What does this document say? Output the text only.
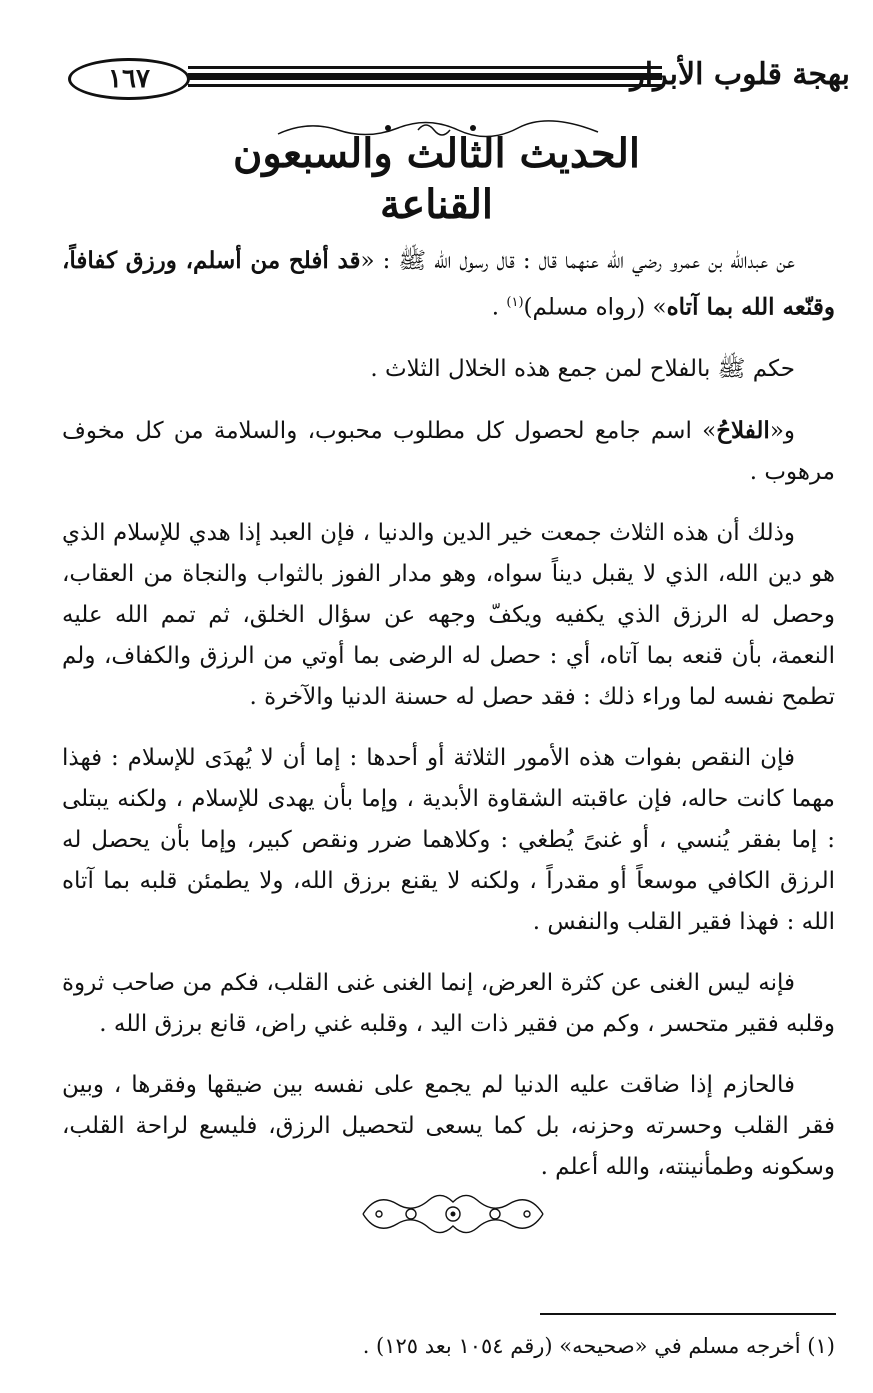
١٦٧	بهجة قلوب الأبرار
الحديث الثالث والسبعون
القناعة

عن عبدالله بن عمرو رضي الله عنهما قال : قال رسول الله ﷺ : «قد أفلح من أسلم، ورزق كفافاً، وقنّعه الله بما آتاه» (رواه مسلم)$^{(١)}$ .

حكم ﷺ بالفلاح لمن جمع هذه الخلال الثلاث .

و«الفلاحُ» اسم جامع لحصول كل مطلوب محبوب، والسلامة من كل مخوف مرهوب .

وذلك أن هذه الثلاث جمعت خير الدين والدنيا ، فإن العبد إذا هدي للإسلام الذي هو دين الله، الذي لا يقبل ديناً سواه، وهو مدار الفوز بالثواب والنجاة من العقاب، وحصل له الرزق الذي يكفيه ويكفّ وجهه عن سؤال الخلق، ثم تمم الله عليه النعمة، بأن قنعه بما آتاه، أي : حصل له الرضى بما أوتي من الرزق والكفاف، ولم تطمح نفسه لما وراء ذلك : فقد حصل له حسنة الدنيا والآخرة .

فإن النقص بفوات هذه الأمور الثلاثة أو أحدها : إما أن لا يُهدَى للإسلام : فهذا مهما كانت حاله، فإن عاقبته الشقاوة الأبدية ، وإما بأن يهدى للإسلام ، ولكنه يبتلى : إما بفقر يُنسي ، أو غنىً يُطغي : وكلاهما ضرر ونقص كبير، وإما بأن يحصل له الرزق الكافي موسعاً أو مقدراً ، ولكنه لا يقنع برزق الله، ولا يطمئن قلبه بما آتاه الله : فهذا فقير القلب والنفس .

فإنه ليس الغنى عن كثرة العرض، إنما الغنى غنى القلب، فكم من صاحب ثروة وقلبه فقير متحسر ، وكم من فقير ذات اليد ، وقلبه غني راض، قانع برزق الله .

فالحازم إذا ضاقت عليه الدنيا لم يجمع على نفسه بين ضيقها وفقرها ، وبين فقر القلب وحسرته وحزنه، بل كما يسعى لتحصيل الرزق، فليسع لراحة القلب، وسكونه وطمأنينته، والله أعلم .

(١) أخرجه مسلم في «صحيحه» (رقم ١٠٥٤ بعد ١٢٥) .
